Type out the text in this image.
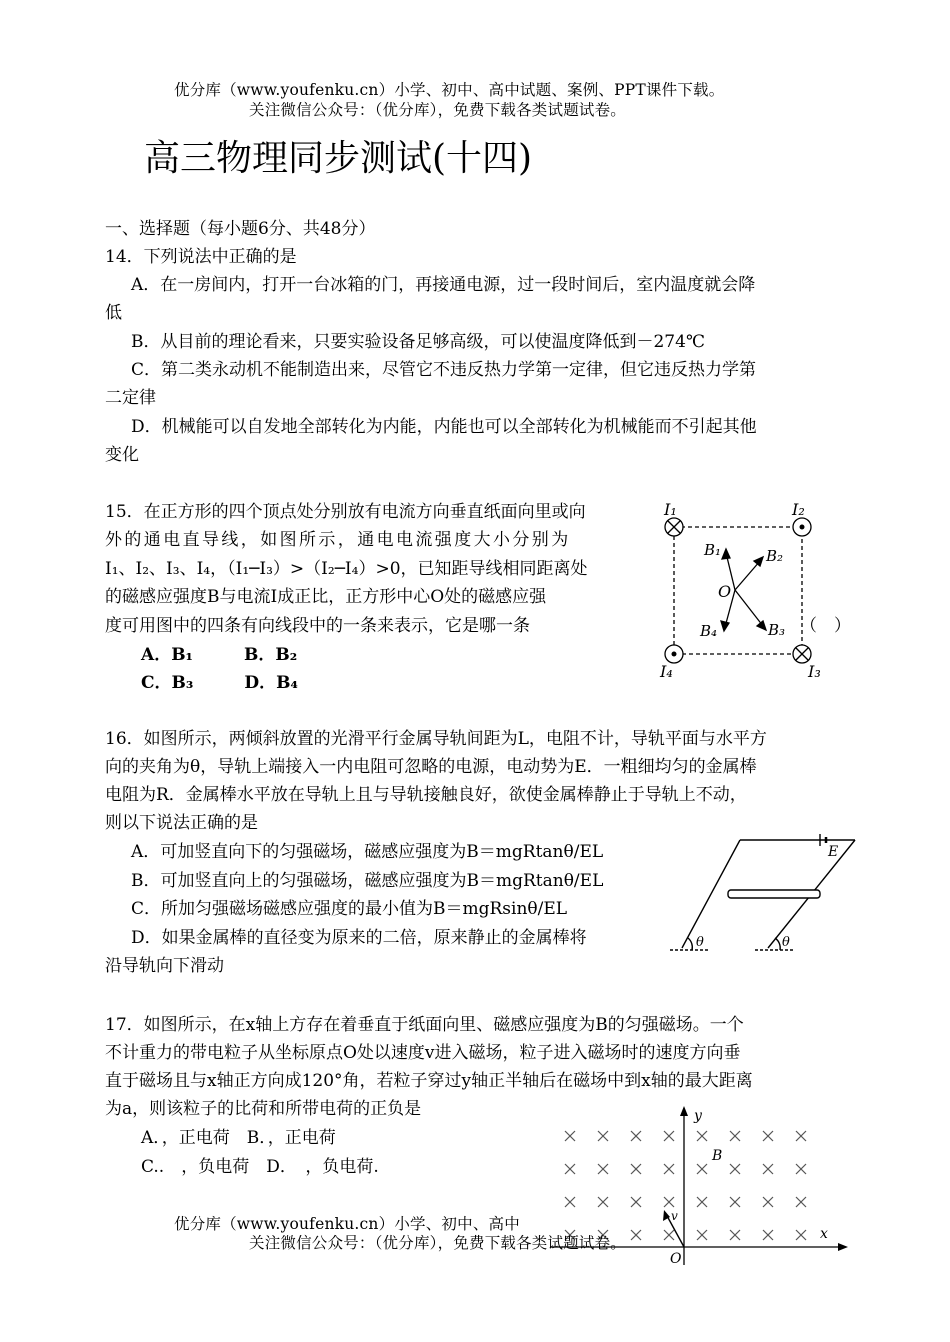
优分库（www.youfenku.cn）小学、初中、高中试题、案例、PPT课件下载。
关注微信公众号：（优分库），免费下载各类试题试卷。
高三物理同步测试(十四)
一、选择题（每小题6分、共48分）
14．下列说法中正确的是
A．在一房间内，打开一台冰箱的门，再接通电源，过一段时间后，室内温度就会降
低
B．从目前的理论看来，只要实验设备足够高级，可以使温度降低到－274℃
C．第二类永动机不能制造出来，尽管它不违反热力学第一定律，但它违反热力学第
二定律
D．机械能可以自发地全部转化为内能，内能也可以全部转化为机械能而不引起其他
变化
15．在正方形的四个顶点处分别放有电流方向垂直纸面向里或向
外的通电直导线，如图所示，通电电流强度大小分别为
I₁、I₂、I₃、I₄，（I₁─I₃）>（I₂─I₄）>0，已知距导线相同距离处
的磁感应强度B与电流I成正比，正方形中心O处的磁感应强
度可用图中的四条有向线段中的一条来表示，它是哪一条	（　）
A．B₁　　　B．B₂
C．B₃　　　D．B₄
I₁	I₂
I₃
I₄
B₁	B₂
B₃
B₄
O
16．如图所示，两倾斜放置的光滑平行金属导轨间距为L，电阻不计，导轨平面与水平方
向的夹角为θ，导轨上端接入一内电阻可忽略的电源，电动势为E．一粗细均匀的金属棒
电阻为R．金属棒水平放在导轨上且与导轨接触良好，欲使金属棒静止于导轨上不动，
则以下说法正确的是
A．可加竖直向下的匀强磁场，磁感应强度为B＝mgRtanθ/EL
B．可加竖直向上的匀强磁场，磁感应强度为B＝mgRtanθ/EL
C．所加匀强磁场磁感应强度的最小值为B＝mgRsinθ/EL
D．如果金属棒的直径变为原来的二倍，原来静止的金属棒将
沿导轨向下滑动
E
θ	θ
17．如图所示，在x轴上方存在着垂直于纸面向里、磁感应强度为B的匀强磁场。一个
不计重力的带电粒子从坐标原点O处以速度v进入磁场，粒子进入磁场时的速度方向垂
直于磁场且与x轴正方向成120°角，若粒子穿过y轴正半轴后在磁场中到x轴的最大距离
为a，则该粒子的比荷和所带电荷的正负是
A．，正电荷　B．，正电荷
C..　，负电荷　D．　，负电荷.
y
x
B
v
O
优分库（www.youfenku.cn）小学、初中、高中
关注微信公众号：（优分库），免费下载各类试题试卷。
